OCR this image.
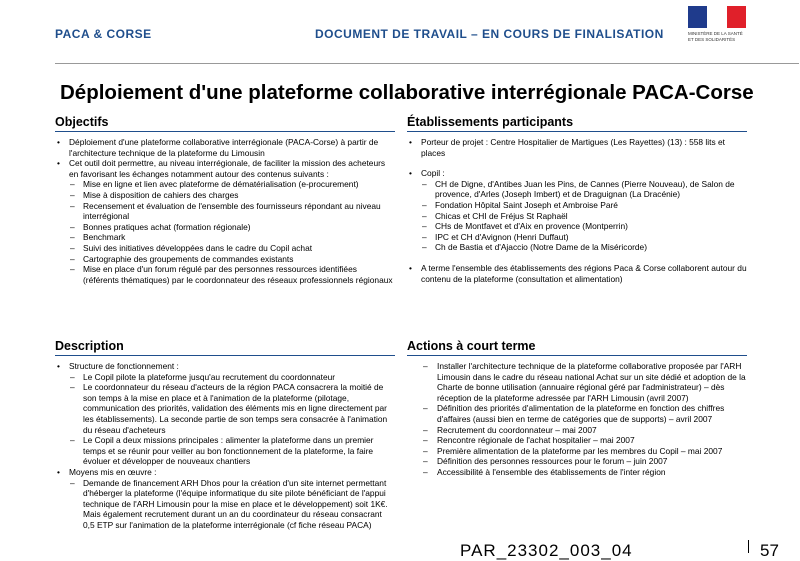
PACA & CORSE	DOCUMENT DE TRAVAIL – EN COURS DE FINALISATION	MINISTÈRE DE LA SANTÉ ET DES SOLIDARITÉS
Déploiement d'une plateforme collaborative interrégionale PACA-Corse
Objectifs
• Déploiement d'une plateforme collaborative interrégionale (PACA-Corse) à partir de l'architecture technique de la plateforme du Limousin
• Cet outil doit permettre, au niveau interrégionale, de faciliter la mission des acheteurs en favorisant les échanges notamment autour des contenus suivants :
– Mise en ligne et lien avec plateforme de dématérialisation (e-procurement)
– Mise à disposition de cahiers des charges
– Recensement et évaluation de l'ensemble des fournisseurs répondant au niveau interrégional
– Bonnes pratiques achat (formation régionale)
– Benchmark
– Suivi des initiatives développées dans le cadre du Copil achat
– Cartographie des groupements de commandes existants
– Mise en place d'un forum régulé par des personnes ressources identifiées (référents thématiques) par le coordonnateur des réseaux professionnels régionaux
Établissements participants
• Porteur de projet : Centre Hospitalier de Martigues (Les Rayettes) (13) : 558 lits et places
• Copil :
– CH de Digne, d'Antibes Juan les Pins, de Cannes (Pierre Nouveau), de Salon de provence, d'Arles (Joseph Imbert) et de Draguignan (La Dracénie)
– Fondation Hôpital Saint Joseph et Ambroise Paré
– Chicas et CHI de Fréjus St Raphaël
– CHs de Montfavet et d'Aix en provence (Montperrin)
– IPC et CH d'Avignon (Henri Duffaut)
– Ch de Bastia et d'Ajaccio (Notre Dame de la Miséricorde)
• A terme l'ensemble des établissements des régions Paca & Corse collaborent autour du contenu de la plateforme (consultation et alimentation)
Description
• Structure de fonctionnement :
– Le Copil pilote la plateforme jusqu'au recrutement du coordonnateur
– Le coordonnateur du réseau d'acteurs de la région PACA consacrera la moitié de son temps à la mise en place et à l'animation de la plateforme (pilotage, communication des priorités, validation des éléments mis en ligne directement par les établissements). La seconde partie de son temps sera consacrée à l'animation du réseau d'acheteurs
– Le Copil a deux missions principales : alimenter la plateforme dans un premier temps et se réunir pour veiller au bon fonctionnement de la plateforme, la faire évoluer et développer de nouveaux chantiers
• Moyens mis en œuvre :
– Demande de financement ARH Dhos pour la création d'un site internet permettant d'héberger la plateforme (l'équipe informatique du site pilote bénéficiant de l'appui technique de l'ARH Limousin pour la mise en place et le développement) soit 1K€. Mais également recrutement durant un an du coordinateur du réseau consacrant 0,5 ETP sur l'animation de la plateforme interrégionale (cf fiche réseau PACA)
Actions à court terme
– Installer l'architecture technique de la plateforme collaborative proposée par l'ARH Limousin dans le cadre du réseau national Achat sur un site dédié et adoption de la Charte de bonne utilisation (annuaire régional géré par l'administrateur) – dès réception de la plateforme adressée par l'ARH Limousin (avril 2007)
– Définition des priorités d'alimentation de la plateforme en fonction des chiffres d'affaires (aussi bien en terme de catégories que de supports) – avril 2007
– Recrutement du coordonnateur – mai 2007
– Rencontre régionale de l'achat hospitalier – mai 2007
– Première alimentation de la plateforme par les membres du Copil – mai 2007
– Définition des personnes ressources pour le forum – juin 2007
– Accessibilité à l'ensemble des établissements de l'inter région
PAR_23302_003_04	57
